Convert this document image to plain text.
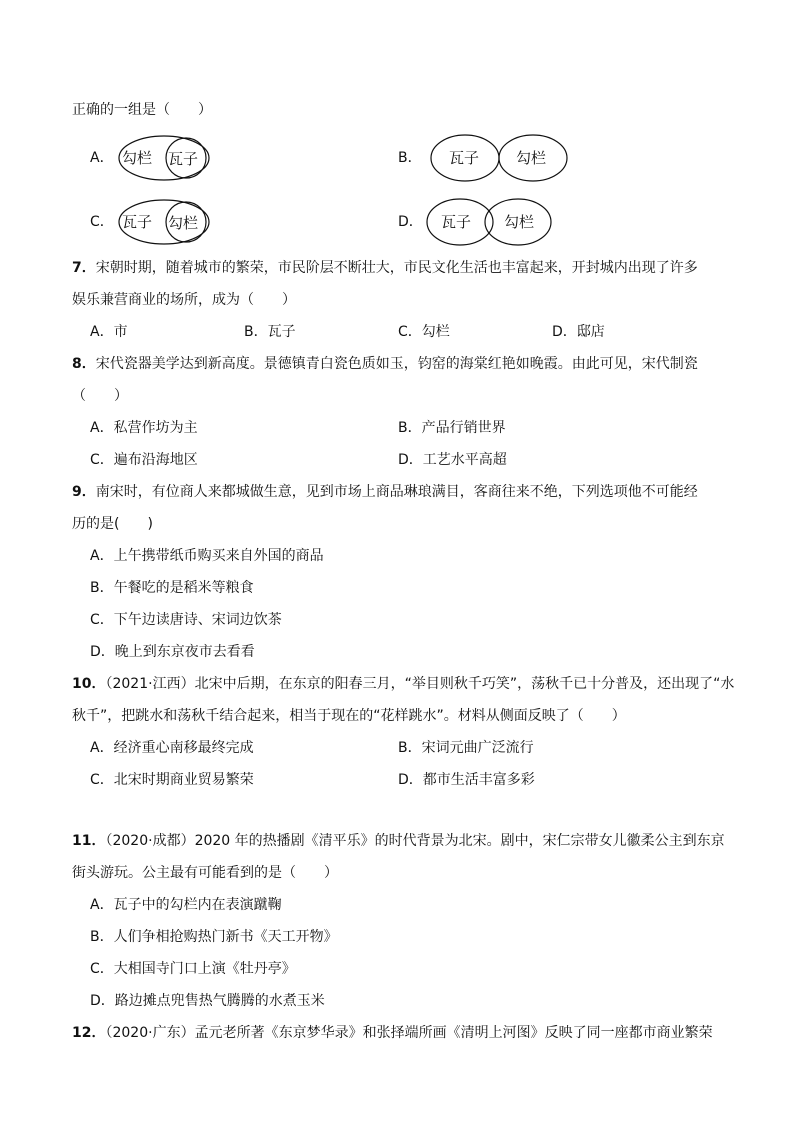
正确的一组是（　　）
A． 勾栏 瓦子	B． 瓦子 勾栏
C． 瓦子 勾栏	D． 瓦子 勾栏
7．宋朝时期，随着城市的繁荣，市民阶层不断壮大，市民文化生活也丰富起来，开封城内出现了许多
娱乐兼营商业的场所，成为（　　）
A．市	B．瓦子	C．勾栏	D．邸店
8．宋代瓷器美学达到新高度。景德镇青白瓷色质如玉，钧窑的海棠红艳如晚霞。由此可见，宋代制瓷
（　　）
A．私营作坊为主	B．产品行销世界
C．遍布沿海地区	D．工艺水平高超
9．南宋时，有位商人来都城做生意，见到市场上商品琳琅满目，客商往来不绝，下列选项他不可能经
历的是(　　)
A．上午携带纸币购买来自外国的商品
B．午餐吃的是稻米等粮食
C．下午边读唐诗、宋词边饮茶
D．晚上到东京夜市去看看
10．（2021·江西）北宋中后期，在东京的阳春三月，“举目则秋千巧笑”，荡秋千已十分普及，还出现了“水
秋千”，把跳水和荡秋千结合起来，相当于现在的“花样跳水”。材料从侧面反映了（　　）
A．经济重心南移最终完成	B．宋词元曲广泛流行
C．北宋时期商业贸易繁荣	D．都市生活丰富多彩
11．（2020·成都）2020 年的热播剧《清平乐》的时代背景为北宋。剧中，宋仁宗带女儿徽柔公主到东京
街头游玩。公主最有可能看到的是（　　）
A．瓦子中的勾栏内在表演蹴鞠
B．人们争相抢购热门新书《天工开物》
C．大相国寺门口上演《牡丹亭》
D．路边摊点兜售热气腾腾的水煮玉米
12．（2020·广东）孟元老所著《东京梦华录》和张择端所画《清明上河图》反映了同一座都市商业繁荣
